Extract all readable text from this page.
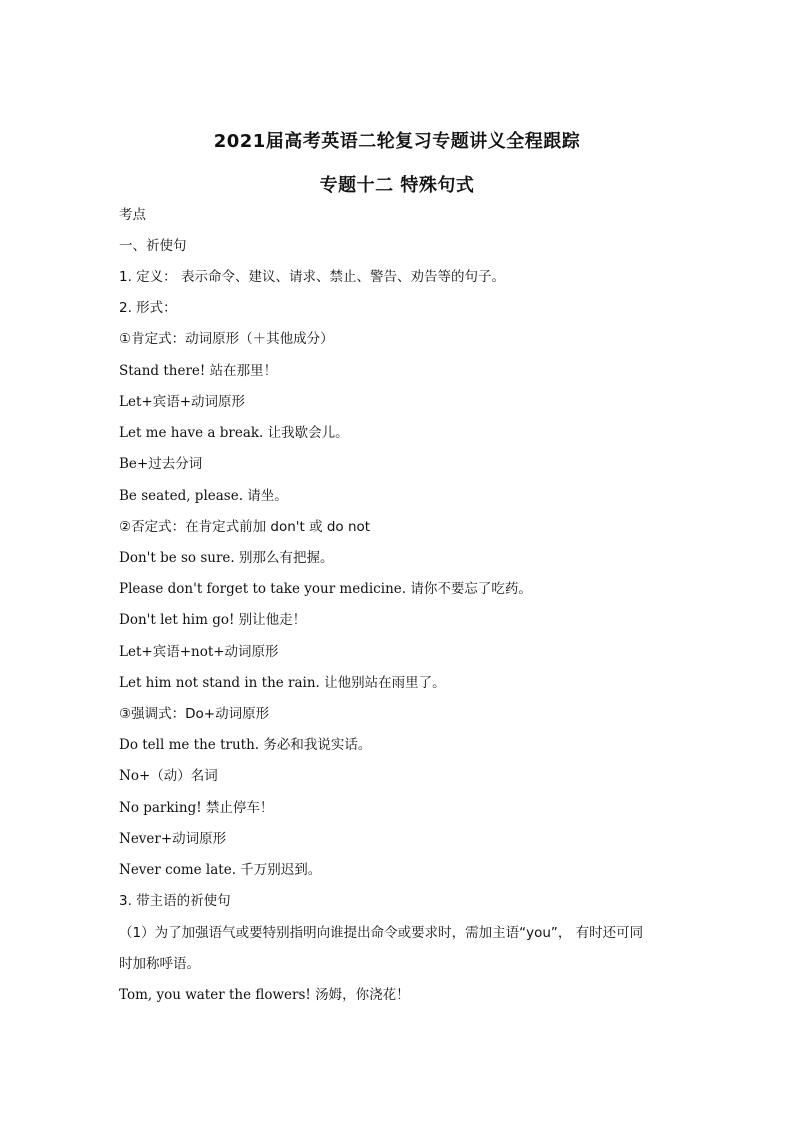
2021届高考英语二轮复习专题讲义全程跟踪
专题十二 特殊句式
考点
一、祈使句
1. 定义： 表示命令、建议、请求、禁止、警告、劝告等的句子。
2. 形式：
①肯定式：动词原形（＋其他成分）
Stand there! 站在那里！
Let+宾语+动词原形
Let me have a break. 让我歇会儿。
Be+过去分词
Be seated, please. 请坐。
②否定式：在肯定式前加 don't 或 do not
Don't be so sure. 别那么有把握。
Please don't forget to take your medicine. 请你不要忘了吃药。
Don't let him go! 别让他走！
Let+宾语+not+动词原形
Let him not stand in the rain. 让他别站在雨里了。
③强调式：Do+动词原形
Do tell me the truth. 务必和我说实话。
No+（动）名词
No parking! 禁止停车！
Never+动词原形
Never come late. 千万别迟到。
3. 带主语的祈使句
（1）为了加强语气或要特别指明向谁提出命令或要求时，需加主语“you”， 有时还可同
时加称呼语。
Tom, you water the flowers! 汤姆，你浇花！
